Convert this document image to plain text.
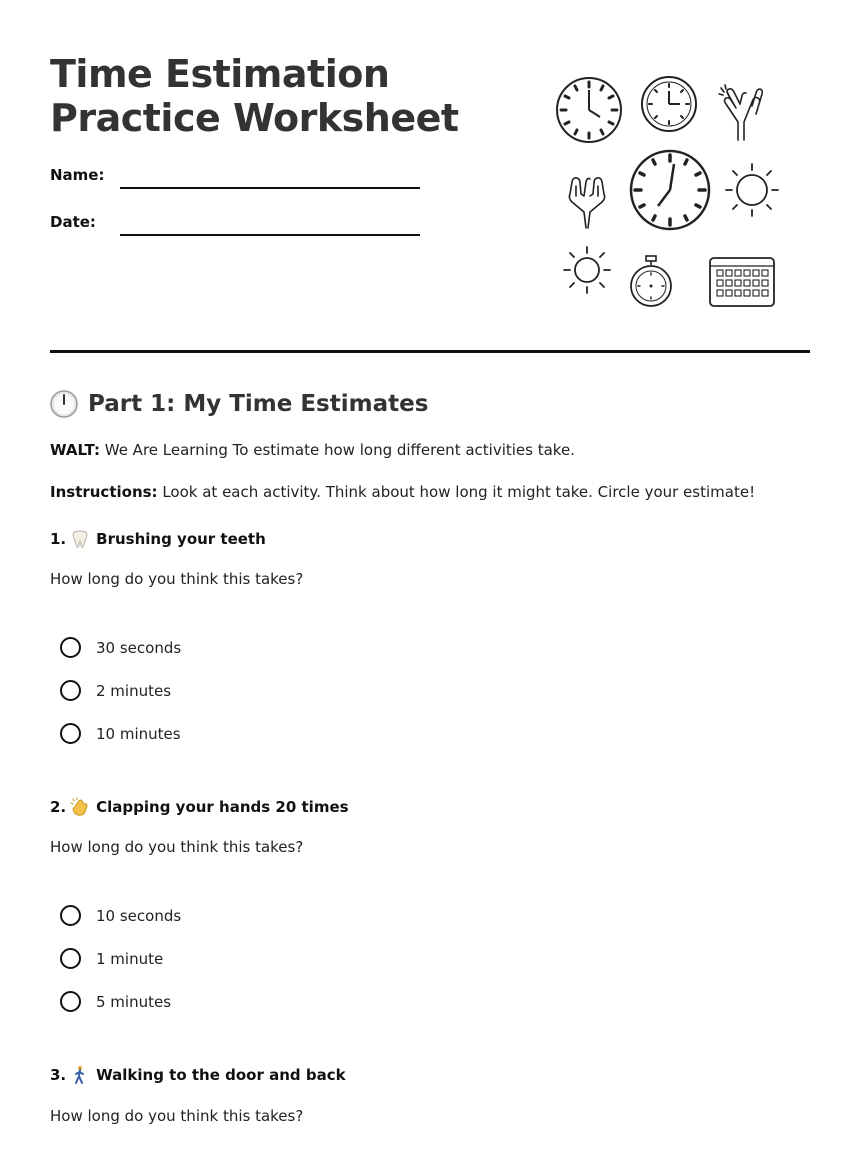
Time Estimation
Practice Worksheet
Name:
Date:
Part 1: My Time Estimates
WALT: We Are Learning To estimate how long different activities take.
Instructions: Look at each activity. Think about how long it might take. Circle your estimate!
1. Brushing your teeth
How long do you think this takes?
30 seconds
2 minutes
10 minutes
2. Clapping your hands 20 times
How long do you think this takes?
10 seconds
1 minute
5 minutes
3. Walking to the door and back
How long do you think this takes?
